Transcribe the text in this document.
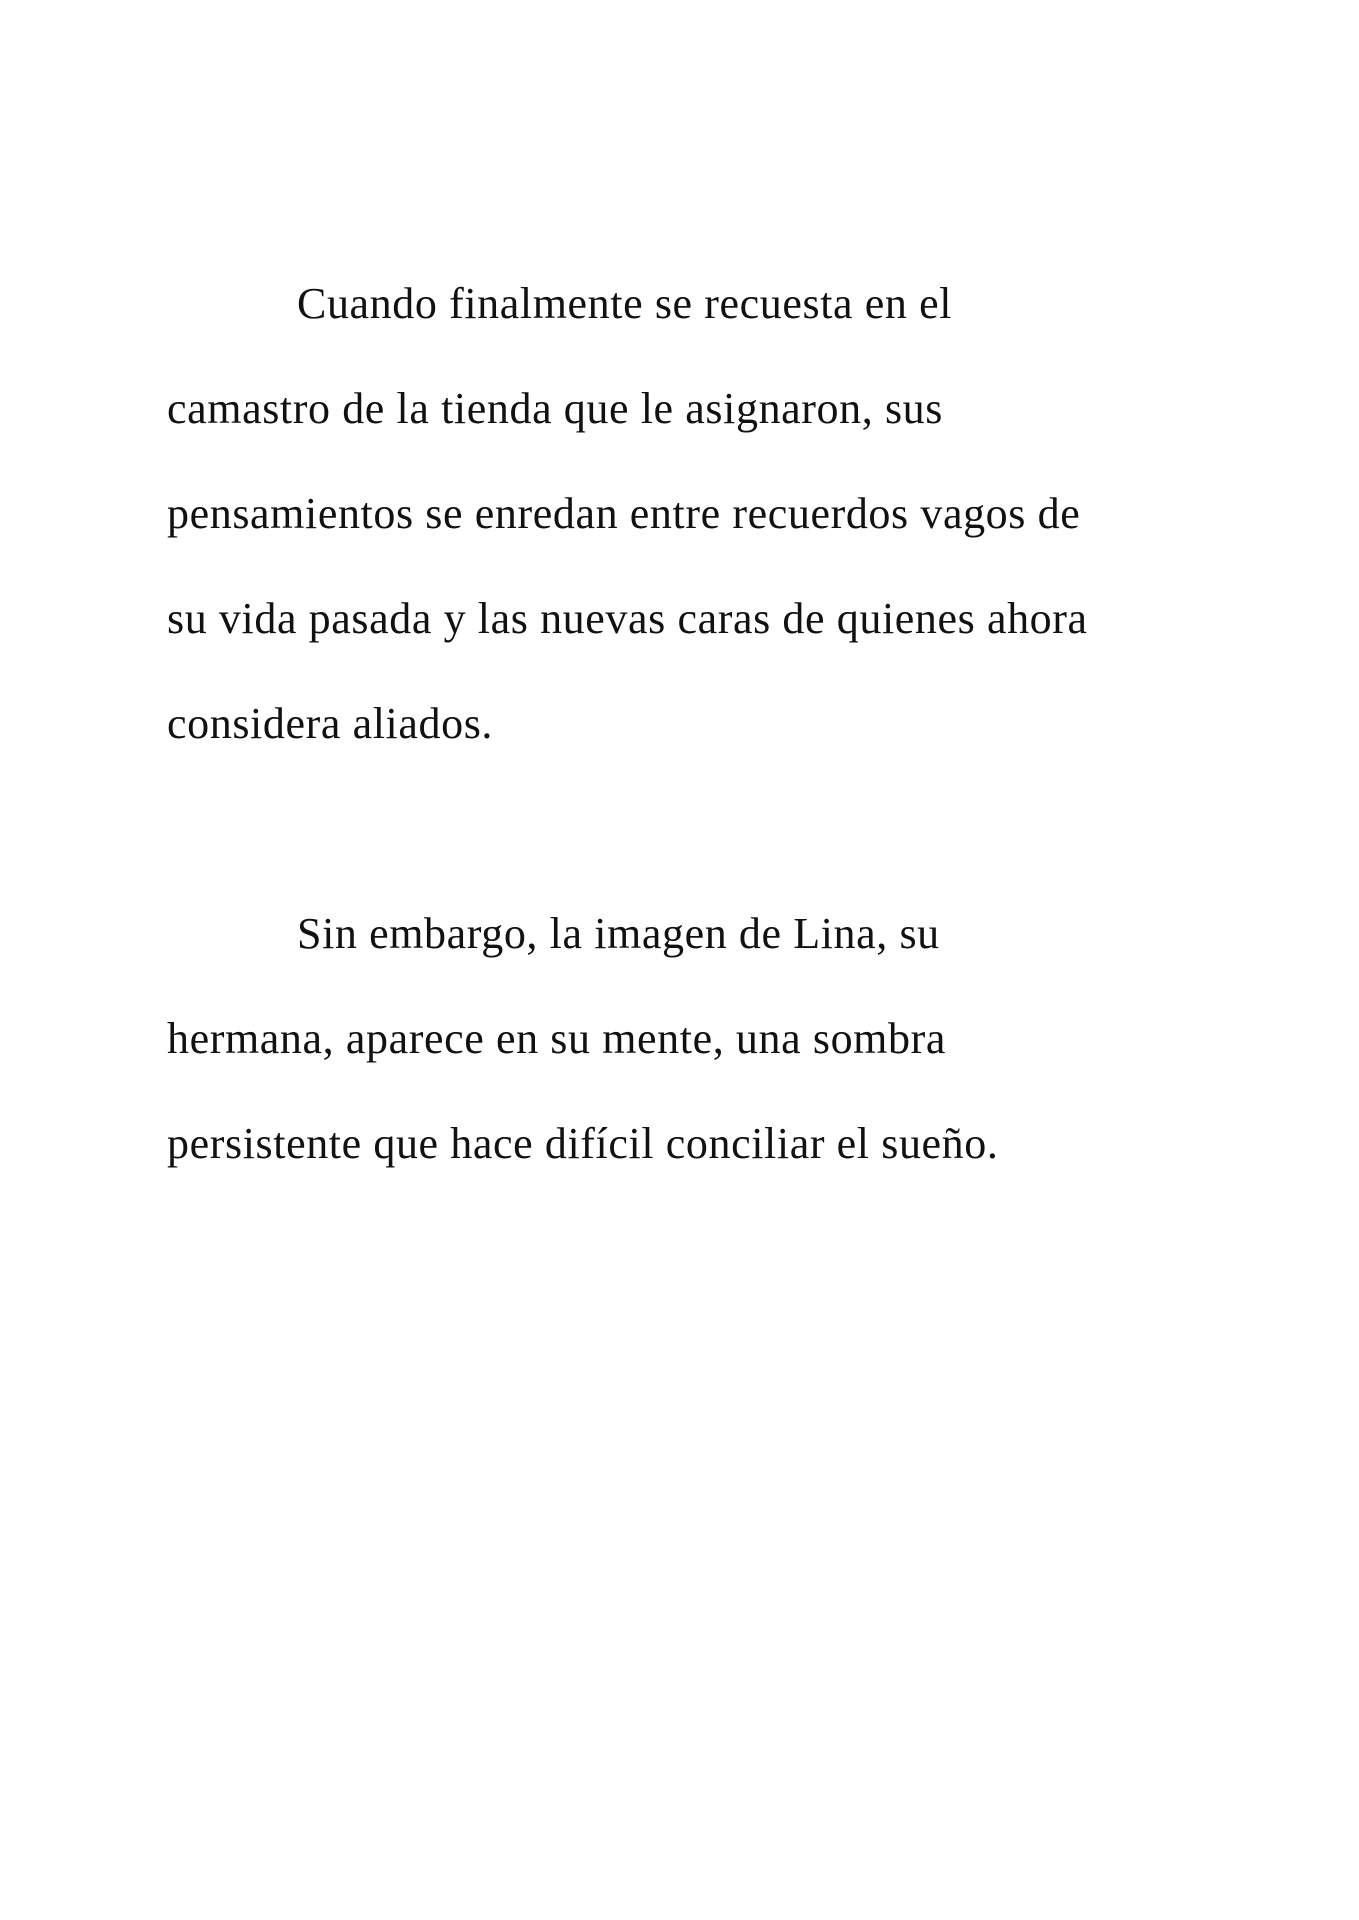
Cuando finalmente se recuesta en el
camastro de la tienda que le asignaron, sus
pensamientos se enredan entre recuerdos vagos de
su vida pasada y las nuevas caras de quienes ahora
considera aliados.
Sin embargo, la imagen de Lina, su
hermana, aparece en su mente, una sombra
persistente que hace difícil conciliar el sueño.
